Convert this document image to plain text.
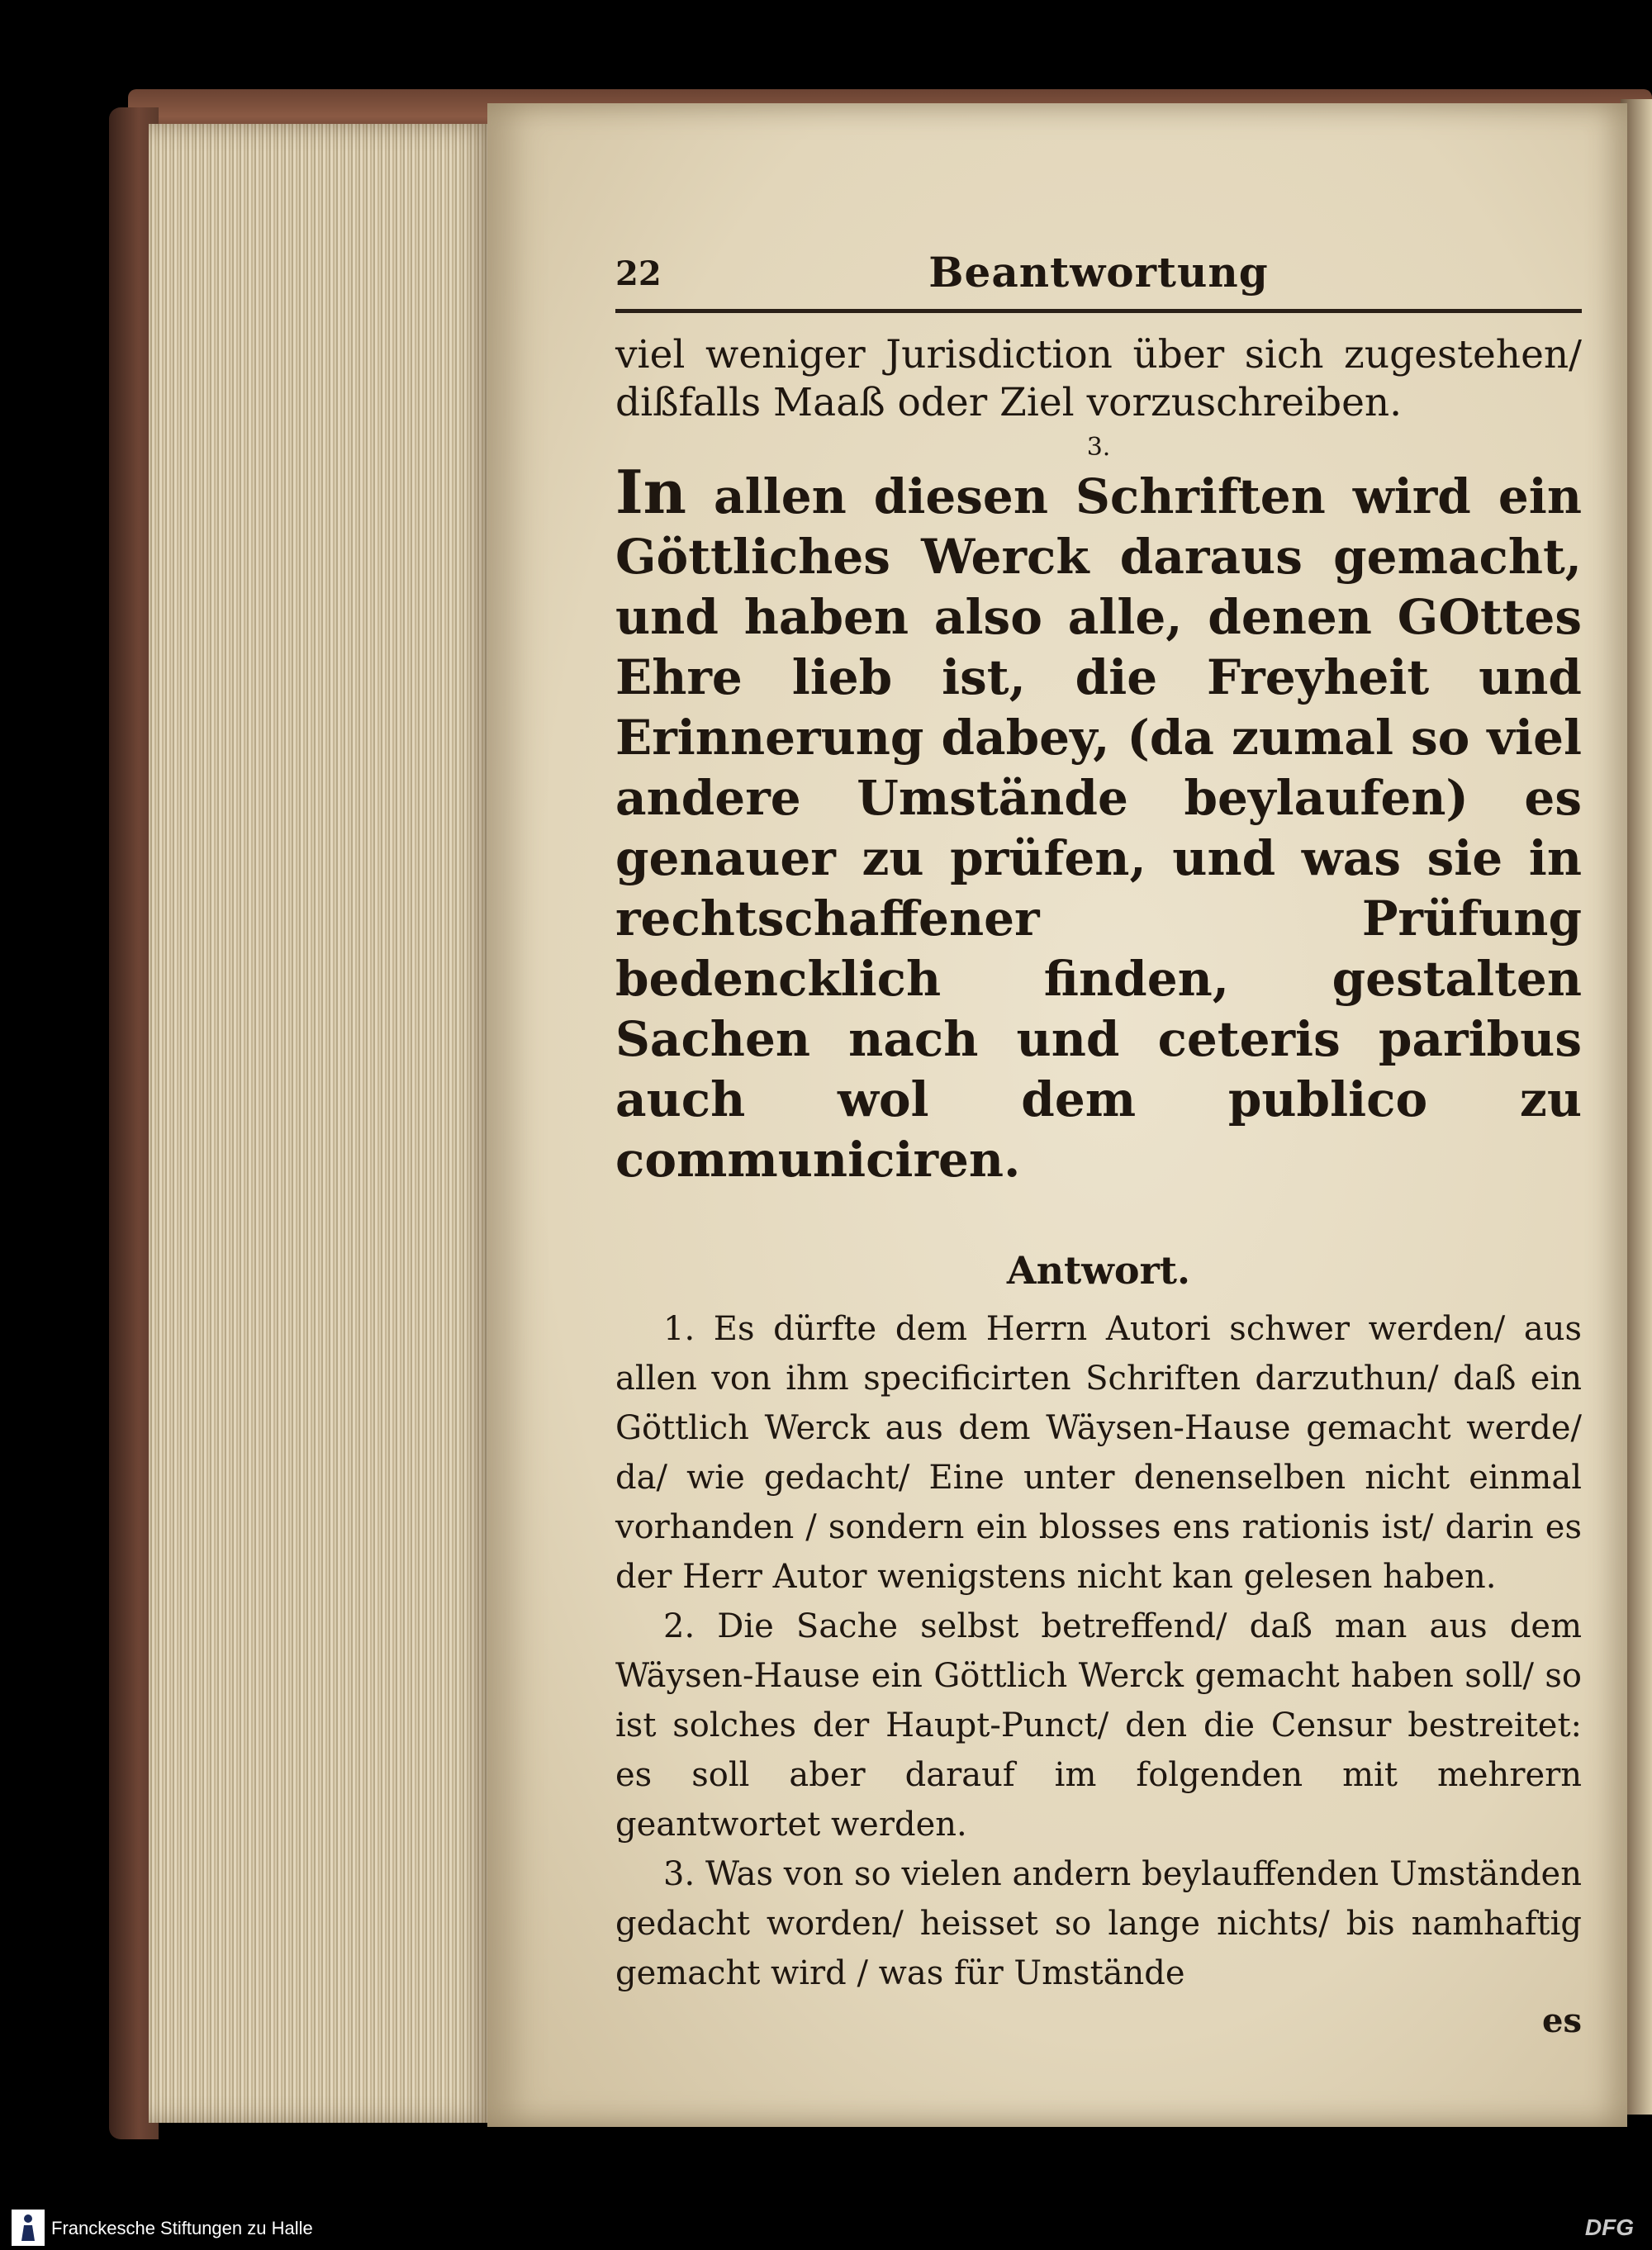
22	Beantwortung

viel weniger Jurisdiction über sich zugestehen/ dißfalls Maaß oder Ziel vorzuschreiben.

3.

In allen diesen Schriften wird ein Göttliches Werck daraus gemacht, und haben also alle, denen GOttes Ehre lieb ist, die Freyheit und Erinnerung dabey, (da zumal so viel andere Umstände beylaufen) es genauer zu prüfen, und was sie in rechtschaffener Prüfung bedencklich finden, gestalten Sachen nach und ceteris paribus auch wol dem publico zu communiciren.

Antwort.

1. Es dürfte dem Herrn Autori schwer werden/ aus allen von ihm specificirten Schriften darzuthun/ daß ein Göttlich Werck aus dem Wäysen-Hause gemacht werde/ da/ wie gedacht/ Eine unter denenselben nicht einmal vorhanden / sondern ein blosses ens rationis ist/ darin es der Herr Autor wenigstens nicht kan gelesen haben.

2. Die Sache selbst betreffend/ daß man aus dem Wäysen-Hause ein Göttlich Werck gemacht haben soll/ so ist solches der Haupt-Punct/ den die Censur bestreitet: es soll aber darauf im folgenden mit mehrern geantwortet werden.

3. Was von so vielen andern beylauffenden Umständen gedacht worden/ heisset so lange nichts/ bis namhaftig gemacht wird / was für Umstände

es
Franckesche Stiftungen zu Halle	DFG
